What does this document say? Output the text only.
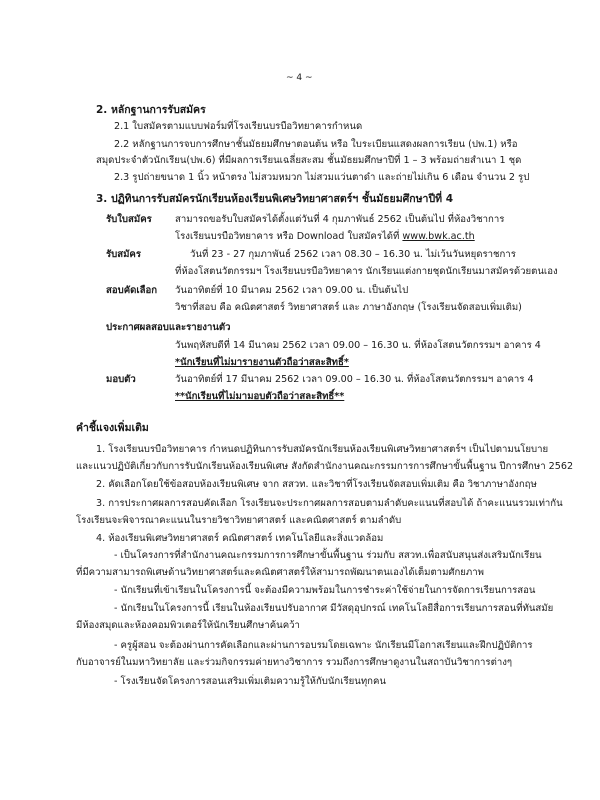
~ 4 ~
2. หลักฐานการรับสมัคร
2.1 ใบสมัครตามแบบฟอร์มที่โรงเรียนบรบือวิทยาคารกำหนด
2.2 หลักฐานการจบการศึกษาชั้นมัธยมศึกษาตอนต้น หรือ ใบระเบียนแสดงผลการเรียน (ปพ.1) หรือ
สมุดประจำตัวนักเรียน(ปพ.6) ที่มีผลการเรียนเฉลี่ยสะสม ชั้นมัธยมศึกษาปีที่ 1 – 3 พร้อมถ่ายสำเนา 1 ชุด
2.3 รูปถ่ายขนาด 1 นิ้ว หน้าตรง ไม่สวมหมวก ไม่สวมแว่นตาดำ และถ่ายไม่เกิน 6 เดือน จำนวน 2 รูป
3. ปฏิทินการรับสมัครนักเรียนห้องเรียนพิเศษวิทยาศาสตร์ฯ ชั้นมัธยมศึกษาปีที่ 4
รับใบสมัคร สามารถขอรับใบสมัครได้ตั้งแต่วันที่ 4 กุมภาพันธ์ 2562 เป็นต้นไป ที่ห้องวิชาการ
โรงเรียนบรบือวิทยาคาร หรือ Download ใบสมัครได้ที่ www.bwk.ac.th
รับสมัคร	วันที่ 23 - 27 กุมภาพันธ์ 2562 เวลา 08.30 – 16.30 น. ไม่เว้นวันหยุดราชการ
ที่ห้องโสตนวัตกรรมฯ โรงเรียนบรบือวิทยาคาร นักเรียนแต่งกายชุดนักเรียนมาสมัครด้วยตนเอง
สอบคัดเลือก วันอาทิตย์ที่ 10 มีนาคม 2562 เวลา 09.00 น. เป็นต้นไป
วิชาที่สอบ คือ คณิตศาสตร์ วิทยาศาสตร์ และ ภาษาอังกฤษ (โรงเรียนจัดสอบเพิ่มเติม)
ประกาศผลสอบและรายงานตัว
วันพฤหัสบดีที่ 14 มีนาคม 2562 เวลา 09.00 – 16.30 น. ที่ห้องโสตนวัตกรรมฯ อาคาร 4
*นักเรียนที่ไม่มารายงานตัวถือว่าสละสิทธิ์*
มอบตัว	วันอาทิตย์ที่ 17 มีนาคม 2562 เวลา 09.00 – 16.30 น. ที่ห้องโสตนวัตกรรมฯ อาคาร 4
**นักเรียนที่ไม่มามอบตัวถือว่าสละสิทธิ์**
คำชี้แจงเพิ่มเติม
1. โรงเรียนบรบือวิทยาคาร กำหนดปฏิทินการรับสมัครนักเรียนห้องเรียนพิเศษวิทยาศาสตร์ฯ เป็นไปตามนโยบาย
และแนวปฏิบัติเกี่ยวกับการรับนักเรียนห้องเรียนพิเศษ สังกัดสำนักงานคณะกรรมการการศึกษาขั้นพื้นฐาน ปีการศึกษา 2562
2. คัดเลือกโดยใช้ข้อสอบห้องเรียนพิเศษ จาก สสวท. และวิชาที่โรงเรียนจัดสอบเพิ่มเติม คือ วิชาภาษาอังกฤษ
3. การประกาศผลการสอบคัดเลือก โรงเรียนจะประกาศผลการสอบตามลำดับคะแนนที่สอบได้ ถ้าคะแนนรวมเท่ากัน
โรงเรียนจะพิจารณาคะแนนในรายวิชาวิทยาศาสตร์ และคณิตศาสตร์ ตามลำดับ
4. ห้องเรียนพิเศษวิทยาศาสตร์ คณิตศาสตร์ เทคโนโลยีและสิ่งแวดล้อม
- เป็นโครงการที่สำนักงานคณะกรรมการการศึกษาขั้นพื้นฐาน ร่วมกับ สสวท.เพื่อสนับสนุนส่งเสริมนักเรียน
ที่มีความสามารถพิเศษด้านวิทยาศาสตร์และคณิตศาสตร์ให้สามารถพัฒนาตนเองได้เต็มตามศักยภาพ
- นักเรียนที่เข้าเรียนในโครงการนี้ จะต้องมีความพร้อมในการชำระค่าใช้จ่ายในการจัดการเรียนการสอน
- นักเรียนในโครงการนี้ เรียนในห้องเรียนปรับอากาศ มีวัสดุอุปกรณ์ เทคโนโลยีสื่อการเรียนการสอนที่ทันสมัย
มีห้องสมุดและห้องคอมพิวเตอร์ให้นักเรียนศึกษาค้นคว้า
- ครูผู้สอน จะต้องผ่านการคัดเลือกและผ่านการอบรมโดยเฉพาะ นักเรียนมีโอกาสเรียนและฝึกปฏิบัติการ
กับอาจารย์ในมหาวิทยาลัย และร่วมกิจกรรมค่ายทางวิชาการ รวมถึงการศึกษาดูงานในสถาบันวิชาการต่างๆ
- โรงเรียนจัดโครงการสอนเสริมเพิ่มเติมความรู้ให้กับนักเรียนทุกคน
